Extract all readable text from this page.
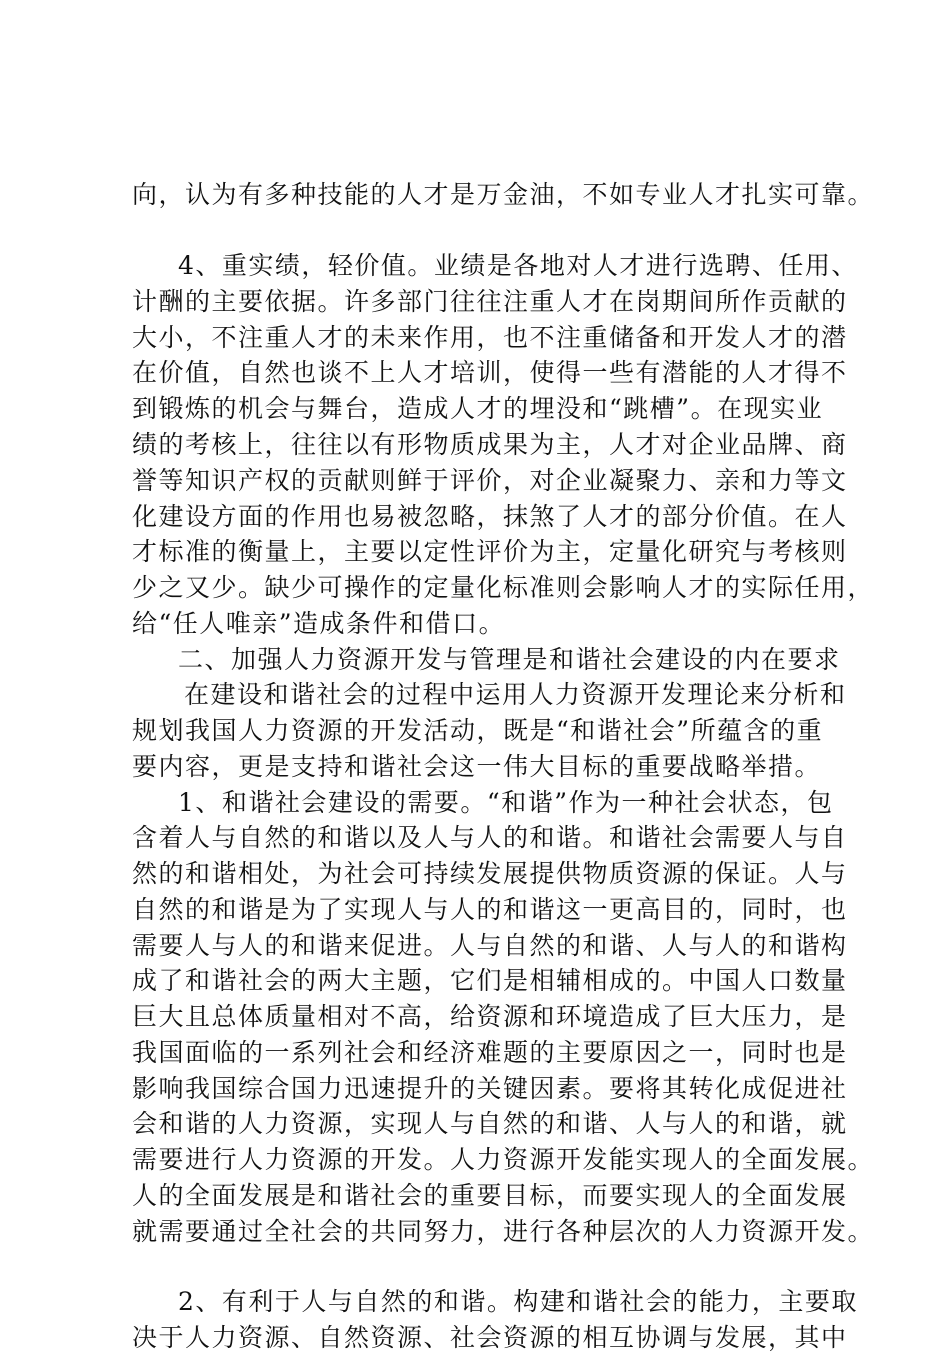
向，认为有多种技能的人才是万金油，不如专业人才扎实可靠。
4、重实绩，轻价值。业绩是各地对人才进行选聘、任用、
计酬的主要依据。许多部门往往注重人才在岗期间所作贡献的
大小，不注重人才的未来作用，也不注重储备和开发人才的潜
在价值，自然也谈不上人才培训，使得一些有潜能的人才得不
到锻炼的机会与舞台，造成人才的埋没和“跳槽”。在现实业
绩的考核上，往往以有形物质成果为主，人才对企业品牌、商
誉等知识产权的贡献则鲜于评价，对企业凝聚力、亲和力等文
化建设方面的作用也易被忽略，抹煞了人才的部分价值。在人
才标准的衡量上，主要以定性评价为主，定量化研究与考核则
少之又少。缺少可操作的定量化标准则会影响人才的实际任用，
给“任人唯亲”造成条件和借口。
二、加强人力资源开发与管理是和谐社会建设的内在要求
在建设和谐社会的过程中运用人力资源开发理论来分析和
规划我国人力资源的开发活动，既是“和谐社会”所蕴含的重
要内容，更是支持和谐社会这一伟大目标的重要战略举措。
1、和谐社会建设的需要。“和谐”作为一种社会状态，包
含着人与自然的和谐以及人与人的和谐。和谐社会需要人与自
然的和谐相处，为社会可持续发展提供物质资源的保证。人与
自然的和谐是为了实现人与人的和谐这一更高目的，同时，也
需要人与人的和谐来促进。人与自然的和谐、人与人的和谐构
成了和谐社会的两大主题，它们是相辅相成的。中国人口数量
巨大且总体质量相对不高，给资源和环境造成了巨大压力，是
我国面临的一系列社会和经济难题的主要原因之一，同时也是
影响我国综合国力迅速提升的关键因素。要将其转化成促进社
会和谐的人力资源，实现人与自然的和谐、人与人的和谐，就
需要进行人力资源的开发。人力资源开发能实现人的全面发展。
人的全面发展是和谐社会的重要目标，而要实现人的全面发展
就需要通过全社会的共同努力，进行各种层次的人力资源开发。
2、有利于人与自然的和谐。构建和谐社会的能力，主要取
决于人力资源、自然资源、社会资源的相互协调与发展，其中
